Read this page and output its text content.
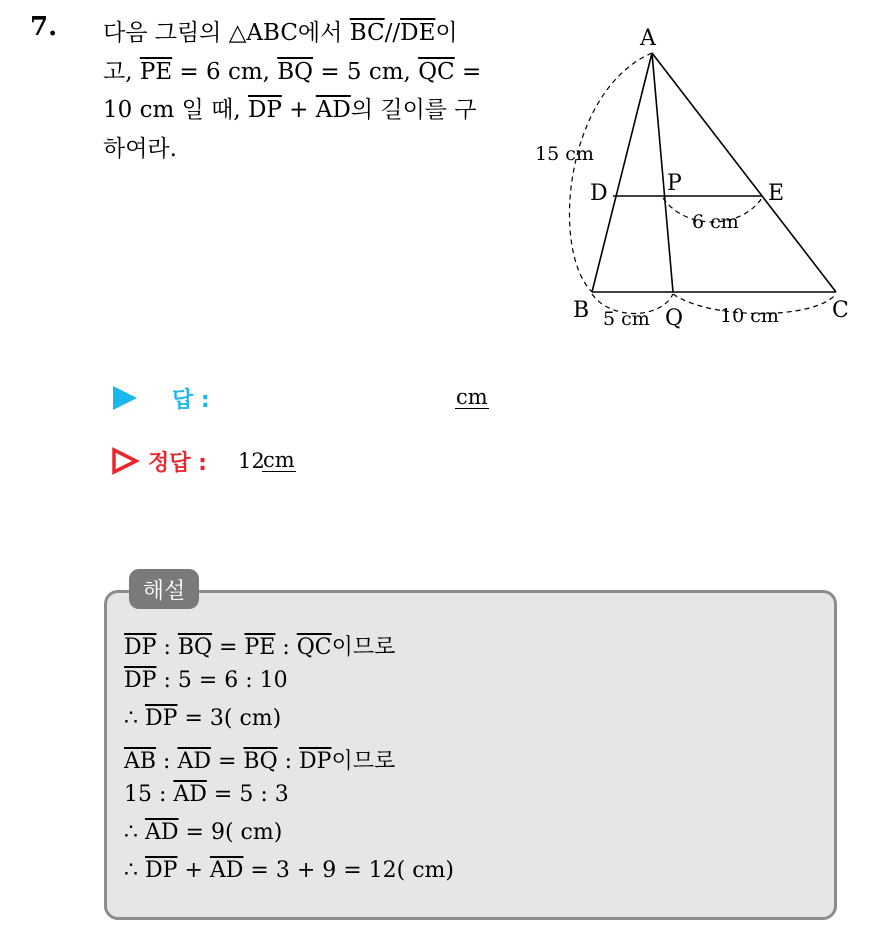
7. 다음 그림의 △ABC에서 $\overline{BC}//\overline{DE}$이
고, $\overline{PE} = 6$ cm, $\overline{BQ} = 5$ cm, $\overline{QC}$ =
10 cm 일 때, $\overline{DP} + \overline{AD}$의 길이를 구
하여라.
A
B	C
D	E
P
Q
15 cm
6 cm
5 cm	10 cm
답 :	cm
정답 : 12
cm
해설
$\overline{DP}$ : $\overline{BQ} = \overline{PE}$ : $\overline{QC}$이므로
$\overline{DP}$ : 5 = 6 : 10
∴ $\overline{DP} = 3$( cm)
$\overline{AB}$ : $\overline{AD} = \overline{BQ}$ : $\overline{DP}$이므로
15 : $\overline{AD} = 5$ : 3
∴ $\overline{AD} = 9$( cm)
∴ $\overline{DP} + \overline{AD} = 3 + 9 = 12$( cm)
